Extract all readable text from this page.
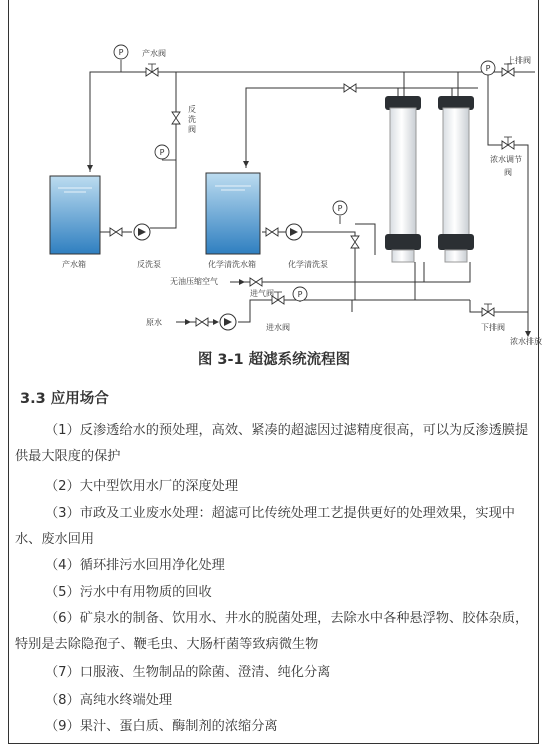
P
P
P
P
P
产水阀
反
洗
阀
上排阀
浓水调节
阀
产水箱	反洗泵	化学清洗水箱	化学清洗泵
无油压缩空气
进气阀
原水
进水阀	下排阀
浓水排放
图 3-1 超滤系统流程图
3.3 应用场合
（1）反渗透给水的预处理，高效、紧凑的超滤因过滤精度很高，可以为反渗透膜提供最大限度的保护
（2）大中型饮用水厂的深度处理
（3）市政及工业废水处理：超滤可比传统处理工艺提供更好的处理效果，实现中水、废水回用
（4）循环排污水回用净化处理
（5）污水中有用物质的回收
（6）矿泉水的制备、饮用水、井水的脱菌处理，去除水中各种悬浮物、胶体杂质，特别是去除隐孢子、鞭毛虫、大肠杆菌等致病微生物
（7）口服液、生物制品的除菌、澄清、纯化分离
（8）高纯水终端处理
（9）果汁、蛋白质、酶制剂的浓缩分离
